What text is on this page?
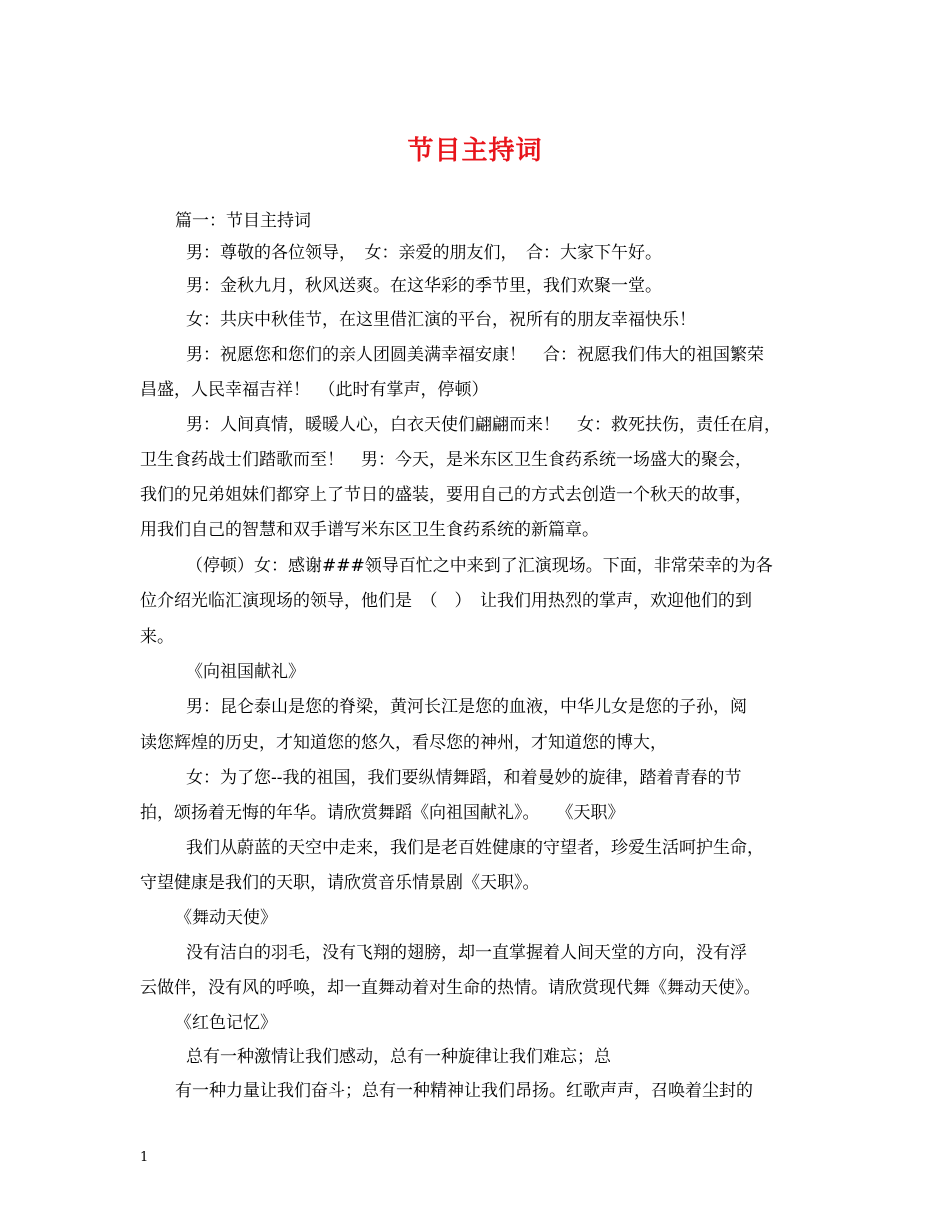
节目主持词
篇一：节目主持词
男：尊敬的各位领导，　女：亲爱的朋友们，　合：大家下午好。
男：金秋九月，秋风送爽。在这华彩的季节里，我们欢聚一堂。
女：共庆中秋佳节，在这里借汇演的平台，祝所有的朋友幸福快乐！
男：祝愿您和您们的亲人团圆美满幸福安康！　合：祝愿我们伟大的祖国繁荣
昌盛，人民幸福吉祥！　（此时有掌声，停顿）
男：人间真情，暖暖人心，白衣天使们翩翩而来！　女：救死扶伤，责任在肩，
卫生食药战士们踏歌而至！　男：今天，是米东区卫生食药系统一场盛大的聚会，
我们的兄弟姐妹们都穿上了节日的盛装，要用自己的方式去创造一个秋天的故事，
用我们自己的智慧和双手谱写米东区卫生食药系统的新篇章。
（停顿）女：感谢###领导百忙之中来到了汇演现场。下面，非常荣幸的为各
位介绍光临汇演现场的领导，他们是　（　）　让我们用热烈的掌声，欢迎他们的到
来。
《向祖国献礼》
男：昆仑泰山是您的脊梁，黄河长江是您的血液，中华儿女是您的子孙，阅
读您辉煌的历史，才知道您的悠久，看尽您的神州，才知道您的博大，
女：为了您--我的祖国，我们要纵情舞蹈，和着曼妙的旋律，踏着青春的节
拍，颂扬着无悔的年华。请欣赏舞蹈《向祖国献礼》。　　《天职》
我们从蔚蓝的天空中走来，我们是老百姓健康的守望者，珍爱生活呵护生命，
守望健康是我们的天职，请欣赏音乐情景剧《天职》。
《舞动天使》
没有洁白的羽毛，没有飞翔的翅膀，却一直掌握着人间天堂的方向，没有浮
云做伴，没有风的呼唤，却一直舞动着对生命的热情。请欣赏现代舞《舞动天使》。
《红色记忆》
总有一种激情让我们感动，总有一种旋律让我们难忘；总
有一种力量让我们奋斗；总有一种精神让我们昂扬。红歌声声，召唤着尘封的
1
